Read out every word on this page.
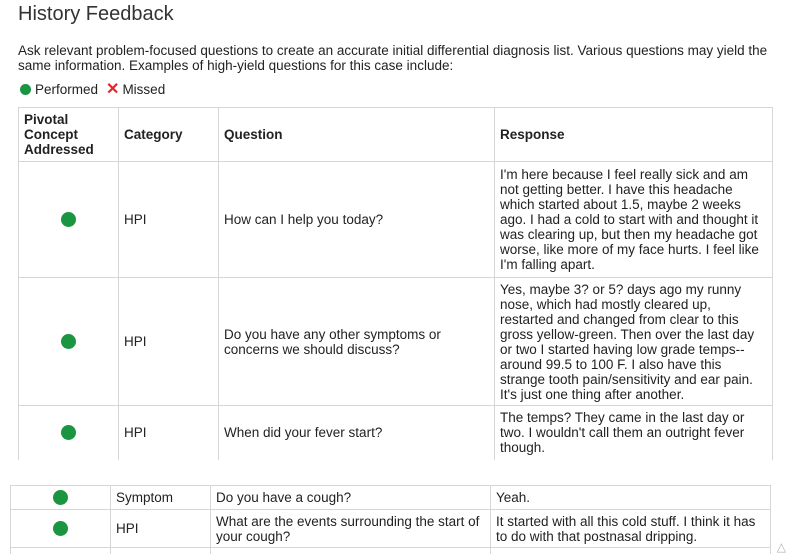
History Feedback
Ask relevant problem-focused questions to create an accurate initial differential diagnosis list. Various questions may yield the same information. Examples of high-yield questions for this case include:
Performed ✕ Missed
Pivotal Concept Addressed	Category	Question	Response

	HPI	How can I help you today?	I'm here because I feel really sick and am not getting better. I have this headache which started about 1.5, maybe 2 weeks ago. I had a cold to start with and thought it was clearing up, but then my headache got worse, like more of my face hurts. I feel like I'm falling apart.

	HPI	Do you have any other symptoms or concerns we should discuss?	Yes, maybe 3? or 5? days ago my runny nose, which had mostly cleared up, restarted and changed from clear to this gross yellow-green. Then over the last day or two I started having low grade temps--around 99.5 to 100 F. I also have this strange tooth pain/sensitivity and ear pain. It's just one thing after another.

	HPI	When did your fever start?	The temps? They came in the last day or two. I wouldn't call them an outright fever though.
	Symptom	Do you have a cough?	Yeah.

	HPI	What are the events surrounding the start of your cough?	It started with all this cold stuff. I think it has to do with that postnasal dripping.

△
